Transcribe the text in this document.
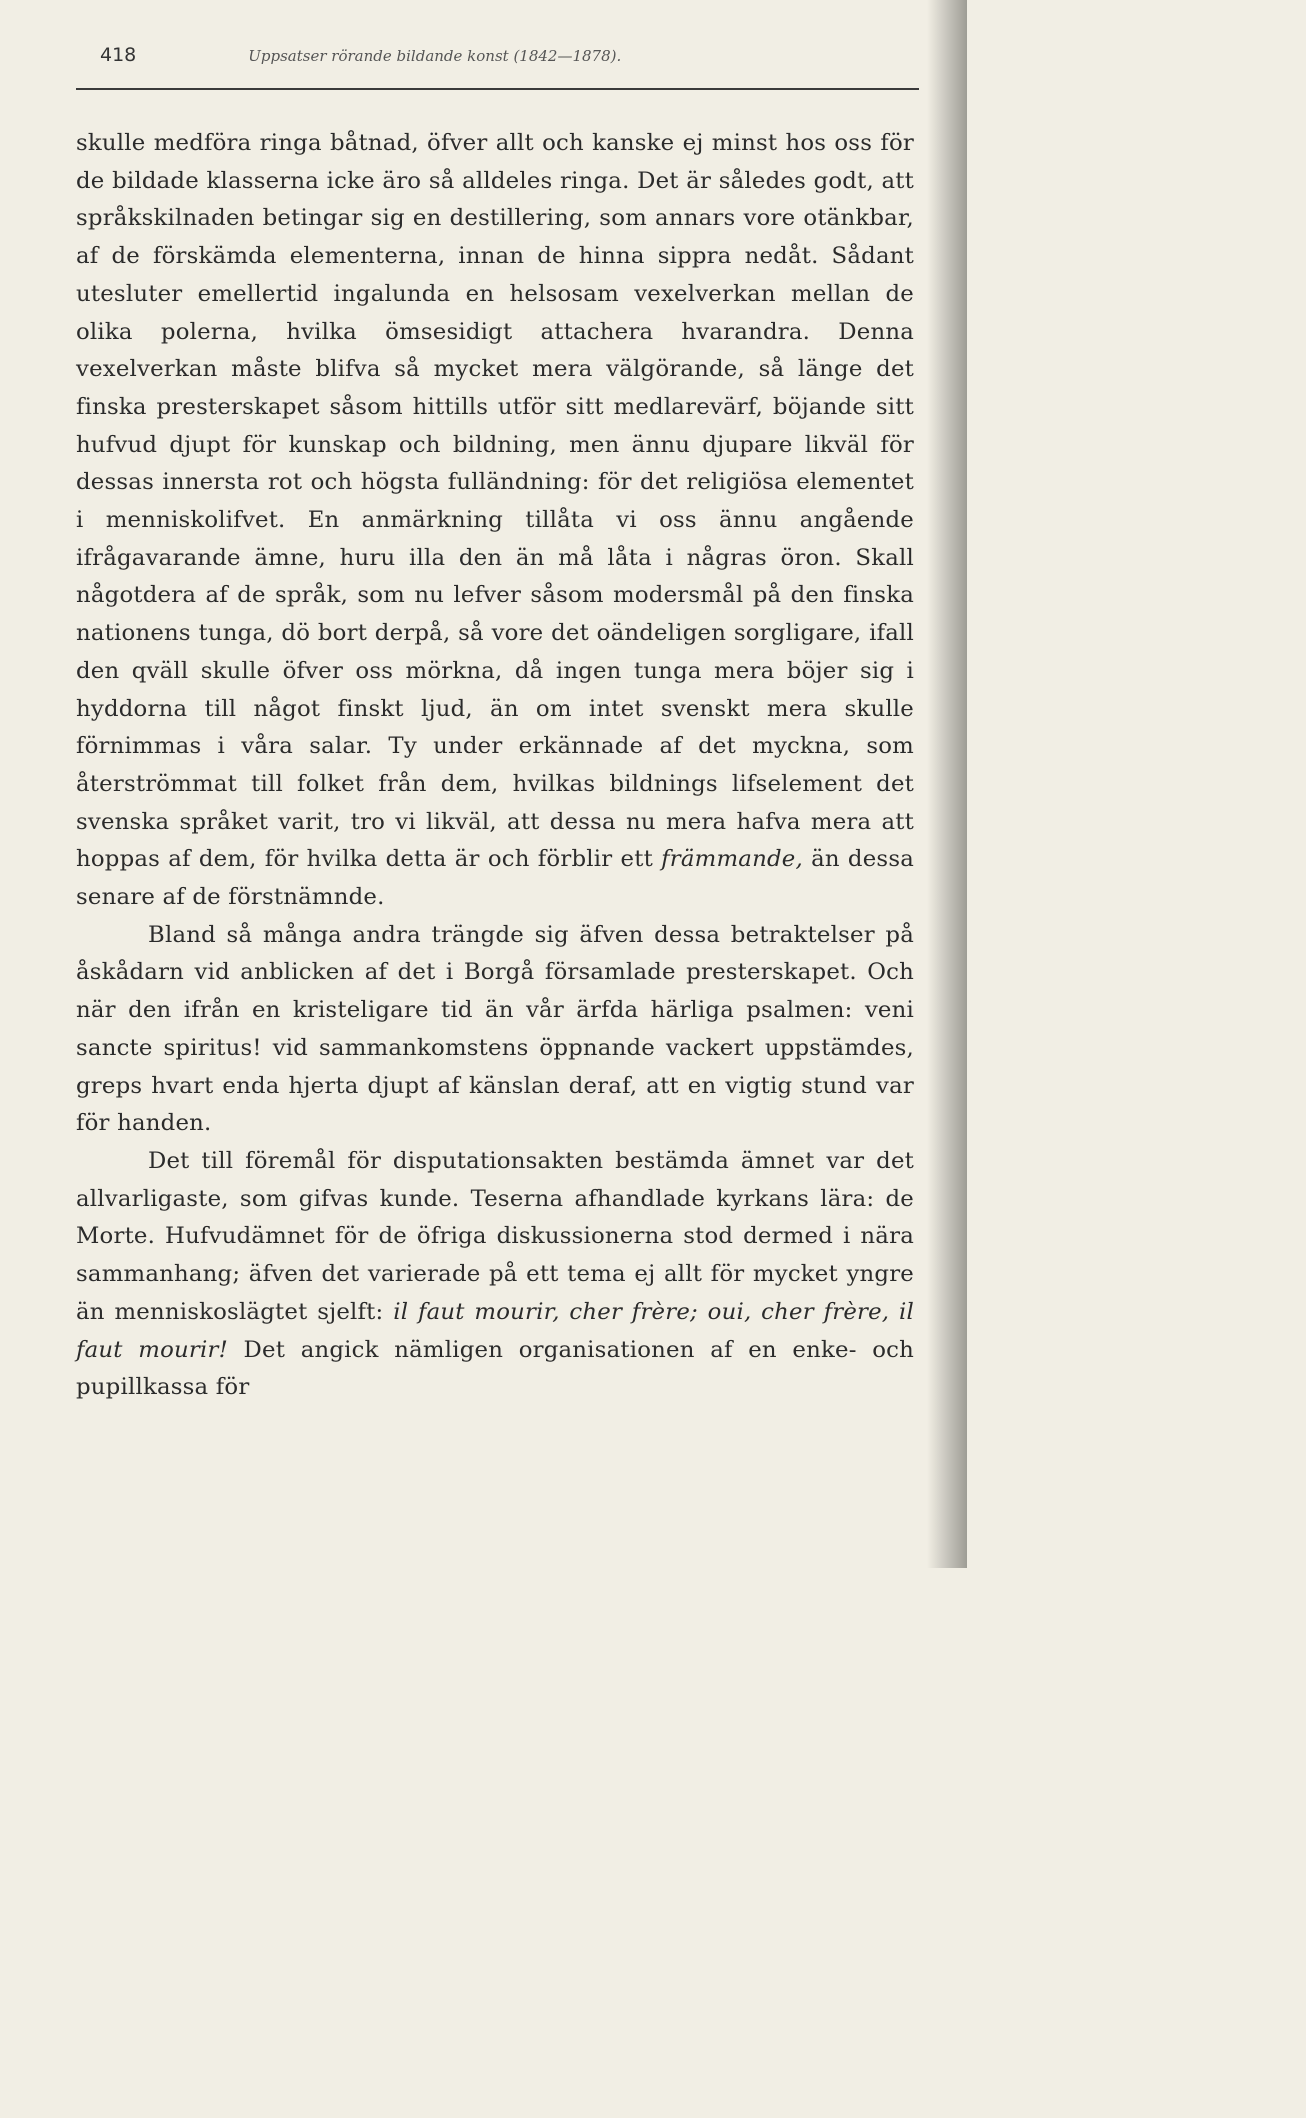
418	Uppsatser rörande bildande konst (1842—1878).

skulle medföra ringa båtnad, öfver allt och kanske ej minst hos oss för de bildade klasserna icke äro så alldeles ringa. Det är således godt, att språkskilnaden betingar sig en destillering, som annars vore otänkbar, af de förskämda elementerna, innan de hinna sippra nedåt. Sådant utesluter emellertid ingalunda en helsosam vexelverkan mellan de olika polerna, hvilka ömsesidigt attachera hvarandra. Denna vexelverkan måste blifva så mycket mera välgörande, så länge det finska presterskapet såsom hittills utför sitt medlarevärf, böjande sitt hufvud djupt för kunskap och bildning, men ännu djupare likväl för dessas innersta rot och högsta fulländning: för det religiösa elementet i menniskolifvet. En anmärkning tillåta vi oss ännu angående ifrågavarande ämne, huru illa den än må låta i någras öron. Skall någotdera af de språk, som nu lefver såsom modersmål på den finska nationens tunga, dö bort derpå, så vore det oändeligen sorgligare, ifall den qväll skulle öfver oss mörkna, då ingen tunga mera böjer sig i hyddorna till något finskt ljud, än om intet svenskt mera skulle förnimmas i våra salar. Ty under erkännade af det myckna, som återströmmat till folket från dem, hvilkas bildnings lifselement det svenska språket varit, tro vi likväl, att dessa nu mera hafva mera att hoppas af dem, för hvilka detta är och förblir ett främmande, än dessa senare af de förstnämnde.

Bland så många andra trängde sig äfven dessa betraktelser på åskådarn vid anblicken af det i Borgå församlade presterskapet. Och när den ifrån en kristeligare tid än vår ärfda härliga psalmen: veni sancte spiritus! vid sammankomstens öppnande vackert uppstämdes, greps hvart enda hjerta djupt af känslan deraf, att en vigtig stund var för handen.

Det till föremål för disputationsakten bestämda ämnet var det allvarligaste, som gifvas kunde. Teserna afhandlade kyrkans lära: de Morte. Hufvudämnet för de öfriga diskussionerna stod dermed i nära sammanhang; äfven det varierade på ett tema ej allt för mycket yngre än menniskoslägtet sjelft: il faut mourir, cher frère; oui, cher frère, il faut mourir! Det angick nämligen organisationen af en enke- och pupillkassa för
